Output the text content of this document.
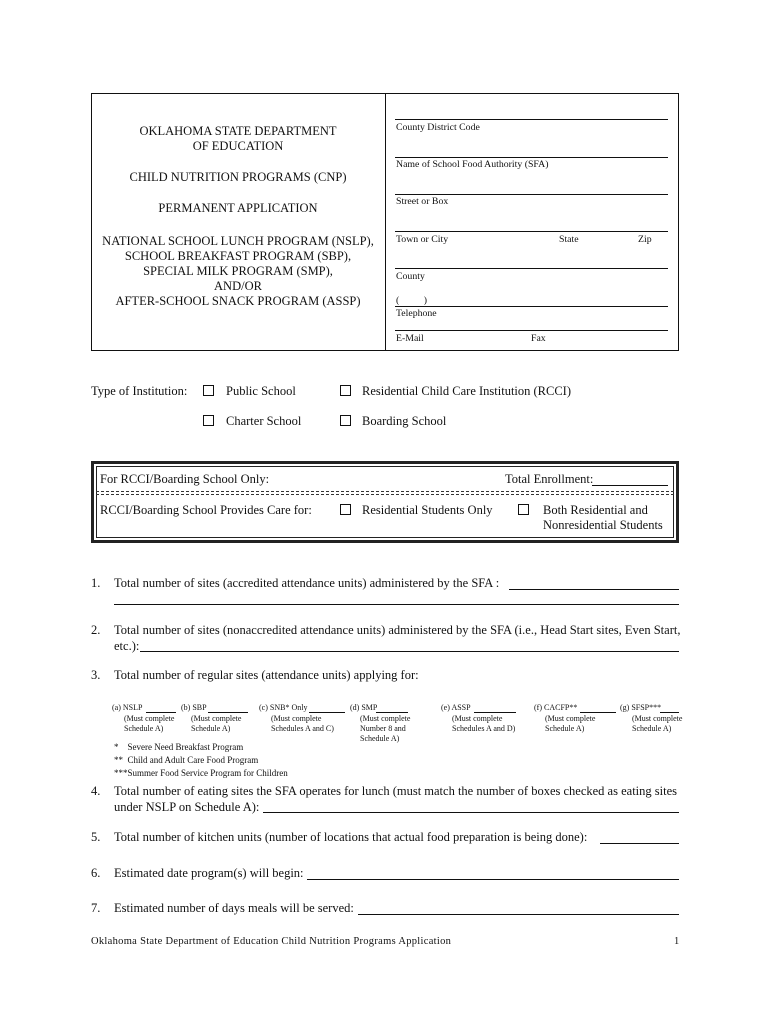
OKLAHOMA STATE DEPARTMENT
OF EDUCATION
CHILD NUTRITION PROGRAMS (CNP)
PERMANENT APPLICATION
NATIONAL SCHOOL LUNCH PROGRAM (NSLP),
SCHOOL BREAKFAST PROGRAM (SBP),
SPECIAL MILK PROGRAM (SMP),
AND/OR
AFTER-SCHOOL SNACK PROGRAM (ASSP)
County District Code
Name of School Food Authority (SFA)
Street or Box
Town or City	State	Zip
County
(          )
Telephone
E-Mail	Fax
Type of Institution:	Public School	Residential Child Care Institution (RCCI)
Charter School	Boarding School
For RCCI/Boarding School Only:	Total Enrollment:
RCCI/Boarding School Provides Care for:	Residential Students Only	Both Residential and
Nonresidential Students
1. Total number of sites (accredited attendance units) administered by the SFA :
2. Total number of sites (nonaccredited attendance units) administered by the SFA (i.e., Head Start sites, Even Start,
etc.):
3. Total number of regular sites (attendance units) applying for:
(a) NSLP
(Must complete
Schedule A)
(b) SBP
(Must complete
Schedule A)
(c) SNB* Only
(Must complete
Schedules A and C)
(d) SMP
(Must complete
Number 8 and
Schedule A)
(e) ASSP
(Must complete
Schedules A and D)
(f) CACFP**
(Must complete
Schedule A)
(g) SFSP***
(Must complete
Schedule A)
*    Severe Need Breakfast Program
**  Child and Adult Care Food Program
***Summer Food Service Program for Children
4. Total number of eating sites the SFA operates for lunch (must match the number of boxes checked as eating sites
under NSLP on Schedule A):
5. Total number of kitchen units (number of locations that actual food preparation is being done):
6. Estimated date program(s) will begin:
7. Estimated number of days meals will be served:
Oklahoma State Department of Education Child Nutrition Programs Application	1
